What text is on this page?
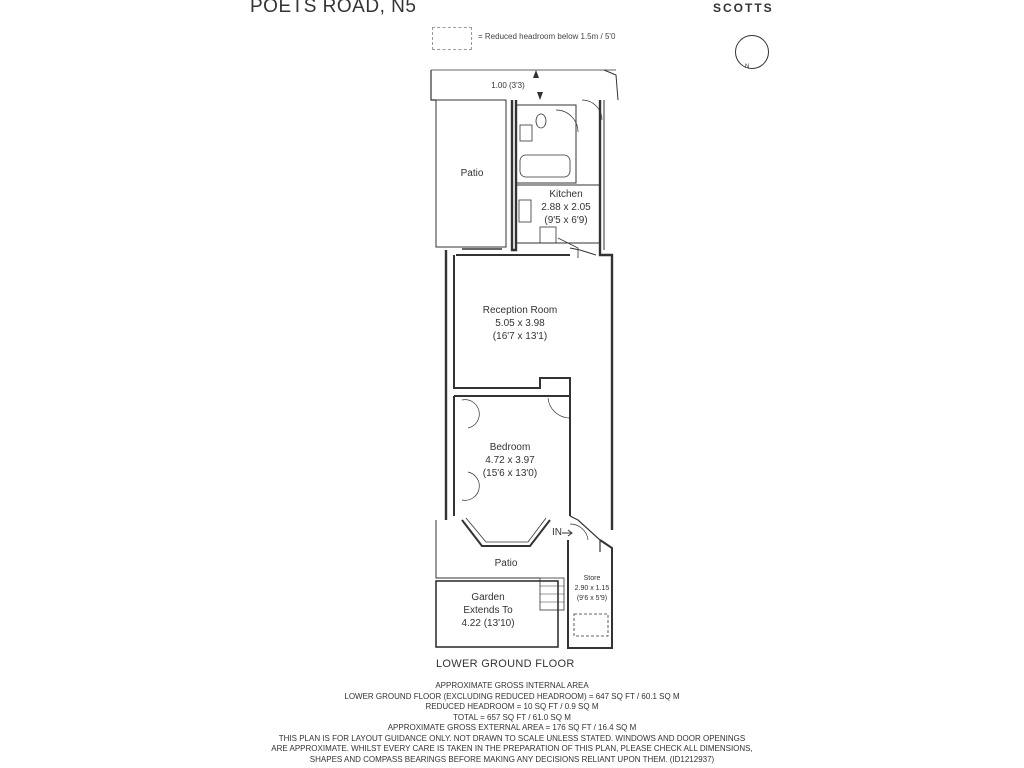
POETS ROAD, N5	SCOTTS
= Reduced headroom below 1.5m / 5'0
N
1.00 (3'3)
Patio
Kitchen
2.88 x 2.05
(9'5 x 6'9)
Reception Room
5.05 x 3.98
(16'7 x 13'1)
Bedroom
4.72 x 3.97
(15'6 x 13'0)
Patio
Store
2.90 x 1.15
(9'6 x 5'9)
Garden
Extends To
4.22 (13'10)
IN
LOWER GROUND FLOOR
APPROXIMATE GROSS INTERNAL AREA
LOWER GROUND FLOOR (EXCLUDING REDUCED HEADROOM) = 647 SQ FT / 60.1 SQ M
REDUCED HEADROOM = 10 SQ FT / 0.9 SQ M
TOTAL = 657 SQ FT / 61.0 SQ M
APPROXIMATE GROSS EXTERNAL AREA = 176 SQ FT / 16.4 SQ M
THIS PLAN IS FOR LAYOUT GUIDANCE ONLY. NOT DRAWN TO SCALE UNLESS STATED. WINDOWS AND DOOR OPENINGS
ARE APPROXIMATE. WHILST EVERY CARE IS TAKEN IN THE PREPARATION OF THIS PLAN, PLEASE CHECK ALL DIMENSIONS,
SHAPES AND COMPASS BEARINGS BEFORE MAKING ANY DECISIONS RELIANT UPON THEM. (ID1212937)
